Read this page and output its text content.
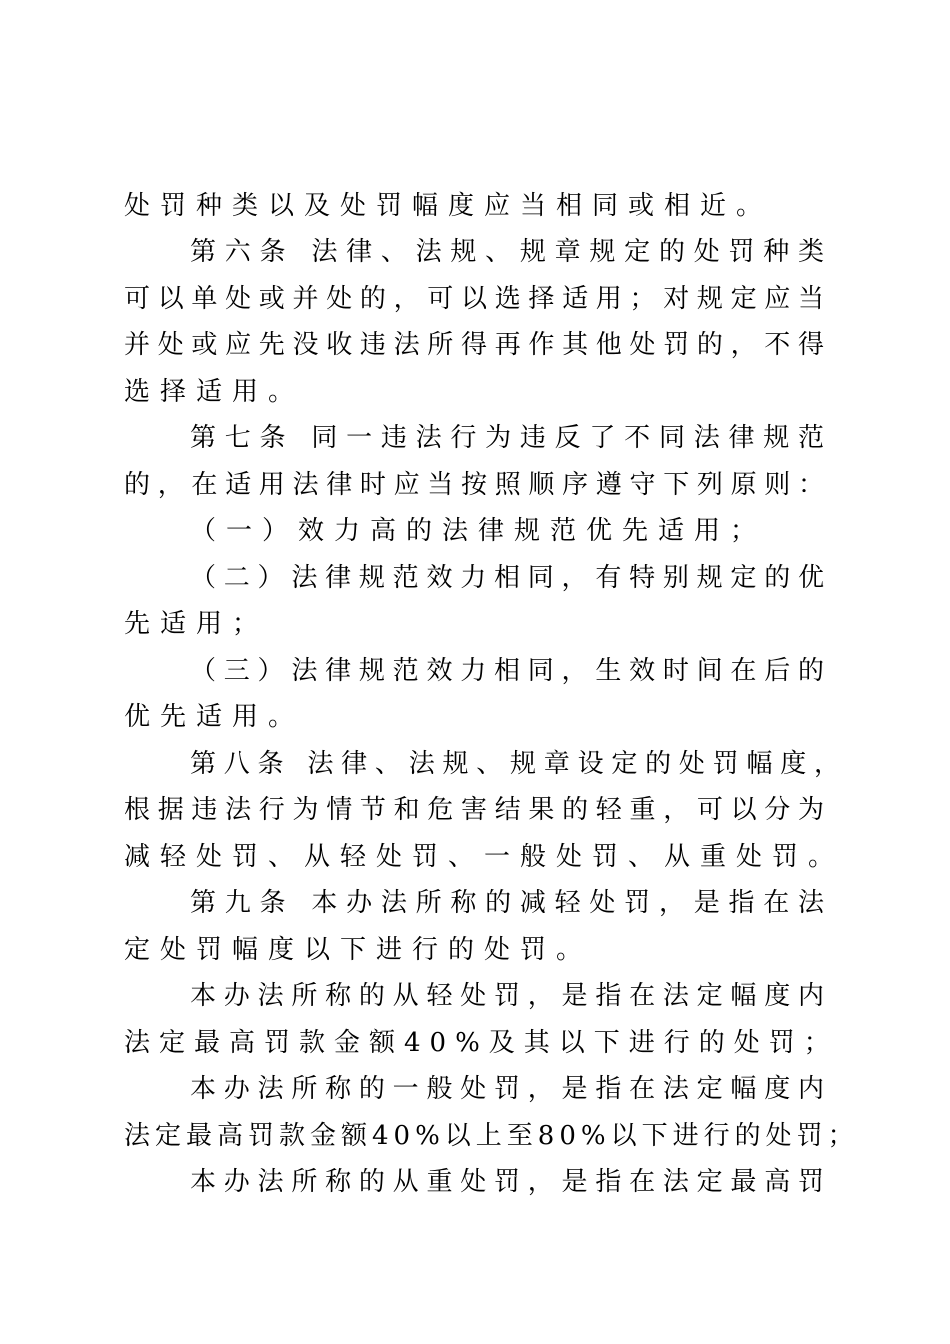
处罚种类以及处罚幅度应当相同或相近。
第六条 法律、法规、规章规定的处罚种类
可以单处或并处的，可以选择适用；对规定应当
并处或应先没收违法所得再作其他处罚的，不得
选择适用。
第七条 同一违法行为违反了不同法律规范
的，在适用法律时应当按照顺序遵守下列原则：
（一）效力高的法律规范优先适用；
（二）法律规范效力相同，有特别规定的优
先适用；
（三）法律规范效力相同，生效时间在后的
优先适用。
第八条 法律、法规、规章设定的处罚幅度，
根据违法行为情节和危害结果的轻重，可以分为
减轻处罚、从轻处罚、一般处罚、从重处罚。
第九条 本办法所称的减轻处罚，是指在法
定处罚幅度以下进行的处罚。
本办法所称的从轻处罚，是指在法定幅度内
法定最高罚款金额40%及其以下进行的处罚；
本办法所称的一般处罚，是指在法定幅度内
法定最高罚款金额40%以上至80%以下进行的处罚；
本办法所称的从重处罚，是指在法定最高罚
